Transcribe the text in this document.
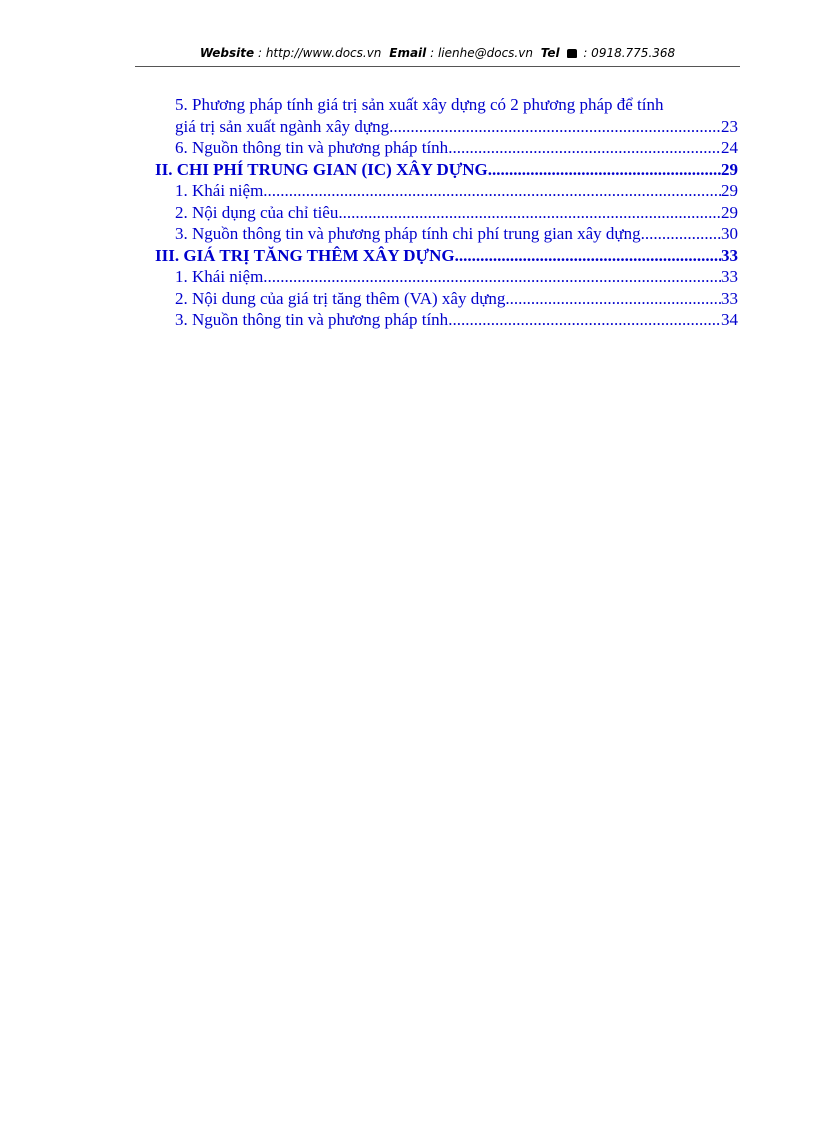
Website : http://www.docs.vn Email : lienhe@docs.vn Tel : 0918.775.368
5. Phương pháp tính giá trị sản xuất xây dựng có 2 phương pháp để tính
giá trị sản xuất ngành xây dựng .....	23
6. Nguồn thông tin và phương pháp tính .....	24
II. CHI PHÍ TRUNG GIAN (IC) XÂY DỰNG. .....	29
1. Khái niệm. .....	29
2. Nội dụng của chỉ tiêu. .....	29
3. Nguồn thông tin và phương pháp tính chi phí trung gian xây dựng. .....	30
III. GIÁ TRỊ TĂNG THÊM XÂY DỰNG. .....	33
1. Khái niệm. .....	33
2. Nội dung của giá trị tăng thêm (VA) xây dựng .....	33
3. Nguồn thông tin và phương pháp tính .....	34
